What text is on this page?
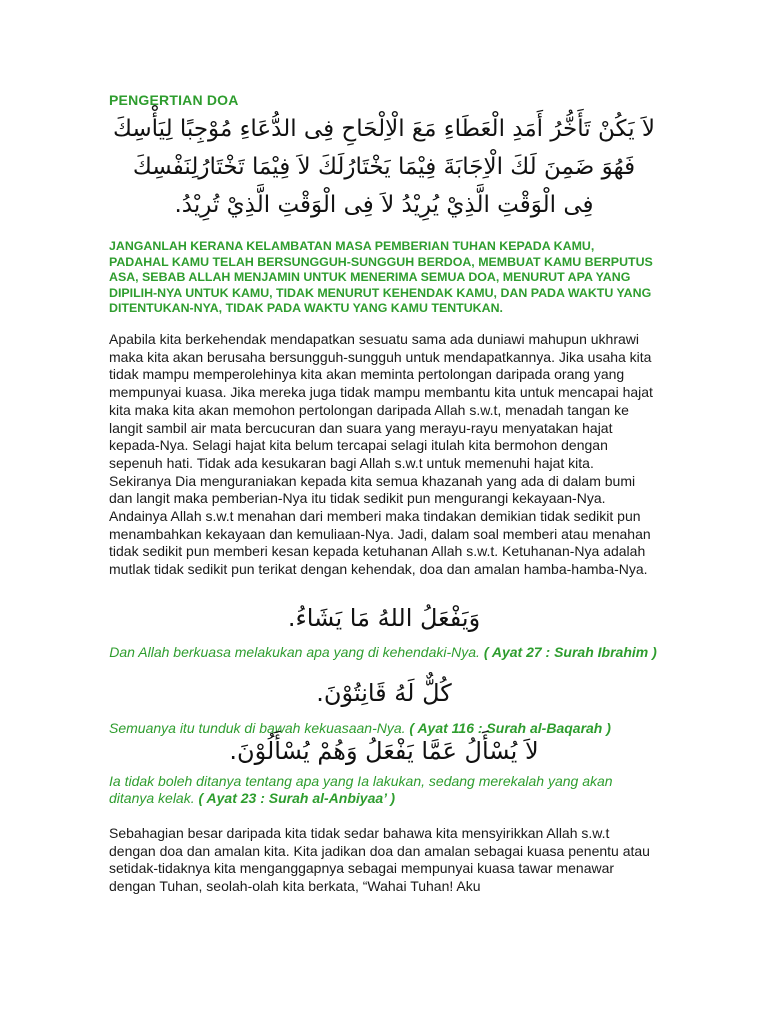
PENGERTIAN DOA
لاَ يَكُنْ تَأَخُّرُ أَمَدِ الْعَطَاءِ مَعَ الْاِلْحَاحِ فِى الدُّعَاءِ مُوْجِبًا لِيَأْسِكَ
فَهُوَ ضَمِنَ لَكَ الْاِجَابَةَ فِيْمَا يَخْتَارُلَكَ لاَ فِيْمَا تَخْتَارُلِنَفْسِكَ
فِى الْوَقْتِ الَّذِيْ يُرِيْدُ لاَ فِى الْوَقْتِ الَّذِيْ تُرِيْدُ.
JANGANLAH KERANA KELAMBATAN MASA PEMBERIAN TUHAN KEPADA KAMU, PADAHAL KAMU TELAH BERSUNGGUH-SUNGGUH BERDOA, MEMBUAT KAMU BERPUTUS ASA, SEBAB ALLAH MENJAMIN UNTUK MENERIMA SEMUA DOA, MENURUT APA YANG DIPILIH-NYA UNTUK KAMU, TIDAK MENURUT KEHENDAK KAMU, DAN PADA WAKTU YANG DITENTUKAN-NYA, TIDAK PADA WAKTU YANG KAMU TENTUKAN.
Apabila kita berkehendak mendapatkan sesuatu sama ada duniawi mahupun ukhrawi maka kita akan berusaha bersungguh-sungguh untuk mendapatkannya. Jika usaha kita tidak mampu memperolehinya kita akan meminta pertolongan daripada orang yang mempunyai kuasa. Jika mereka juga tidak mampu membantu kita untuk mencapai hajat kita maka kita akan memohon pertolongan daripada Allah s.w.t, menadah tangan ke langit sambil air mata bercucuran dan suara yang merayu-rayu menyatakan hajat kepada-Nya. Selagi hajat kita belum tercapai selagi itulah kita bermohon dengan sepenuh hati. Tidak ada kesukaran bagi Allah s.w.t untuk memenuhi hajat kita. Sekiranya Dia menguraniakan kepada kita semua khazanah yang ada di dalam bumi dan langit maka pemberian-Nya itu tidak sedikit pun mengurangi kekayaan-Nya. Andainya Allah s.w.t menahan dari memberi maka tindakan demikian tidak sedikit pun menambahkan kekayaan dan kemuliaan-Nya. Jadi, dalam soal memberi atau menahan tidak sedikit pun memberi kesan kepada ketuhanan Allah s.w.t. Ketuhanan-Nya adalah mutlak tidak sedikit pun terikat dengan kehendak, doa dan amalan hamba-hamba-Nya.
وَيَفْعَلُ اللهُ مَا يَشَاءُ.
Dan Allah berkuasa melakukan apa yang di kehendaki-Nya. ( Ayat 27 : Surah Ibrahim )
كُلٌّ لَهُ قَانِتُوْنَ.
Semuanya itu tunduk di bawah kekuasaan-Nya. ( Ayat 116 : Surah al-Baqarah )
لاَ يُسْأَلُ عَمَّا يَفْعَلُ وَهُمْ يُسْأَلُوْنَ.
Ia tidak boleh ditanya tentang apa yang Ia lakukan, sedang merekalah yang akan ditanya kelak. ( Ayat 23 : Surah al-Anbiyaa’ )
Sebahagian besar daripada kita tidak sedar bahawa kita mensyirikkan Allah s.w.t dengan doa dan amalan kita. Kita jadikan doa dan amalan sebagai kuasa penentu atau setidak-tidaknya kita menganggapnya sebagai mempunyai kuasa tawar menawar dengan Tuhan, seolah-olah kita berkata, “Wahai Tuhan! Aku
